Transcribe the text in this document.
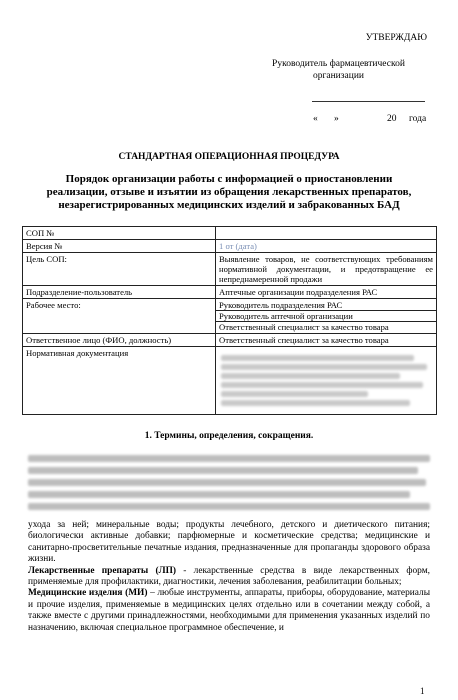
УТВЕРЖДАЮ
Руководитель фармацевтической
организации
« »	20 года
СТАНДАРТНАЯ ОПЕРАЦИОННАЯ ПРОЦЕДУРА
Порядок организации работы с информацией о приостановлении
реализации, отзыве и изъятии из обращения лекарственных препаратов,
незарегистрированных медицинских изделий и забракованных БАД
СОП №	
Версия №	1 от (дата)
Цель СОП:	Выявление товаров, не соответствующих требованиям нормативной документации, и предотвращение ее непреднамеренной продажи
Подразделение-пользователь	Аптечные организации подразделения РАС
Рабочее место:	Руководитель подразделения РАС
Руководитель аптечной организации
Ответственный специалист за качество товара

Ответственное лицо (ФИО, должность)	Ответственный специалист за качество товара
Нормативная документация	
1. Термины, определения, сокращения.

ухода за ней; минеральные воды; продукты лечебного, детского и диетического питания; биологически активные добавки; парфюмерные и косметические средства; медицинские и санитарно-просветительные печатные издания, предназначенные для пропаганды здорового образа жизни.

Лекарственные препараты (ЛП) - лекарственные средства в виде лекарственных форм, применяемые для профилактики, диагностики, лечения заболевания, реабилитации больных;

Медицинские изделия (МИ) – любые инструменты, аппараты, приборы, оборудование, материалы и прочие изделия, применяемые в медицинских целях отдельно или в сочетании между собой, а также вместе с другими принадлежностями, необходимыми для применения указанных изделий по назначению, включая специальное программное обеспечение, и

1
